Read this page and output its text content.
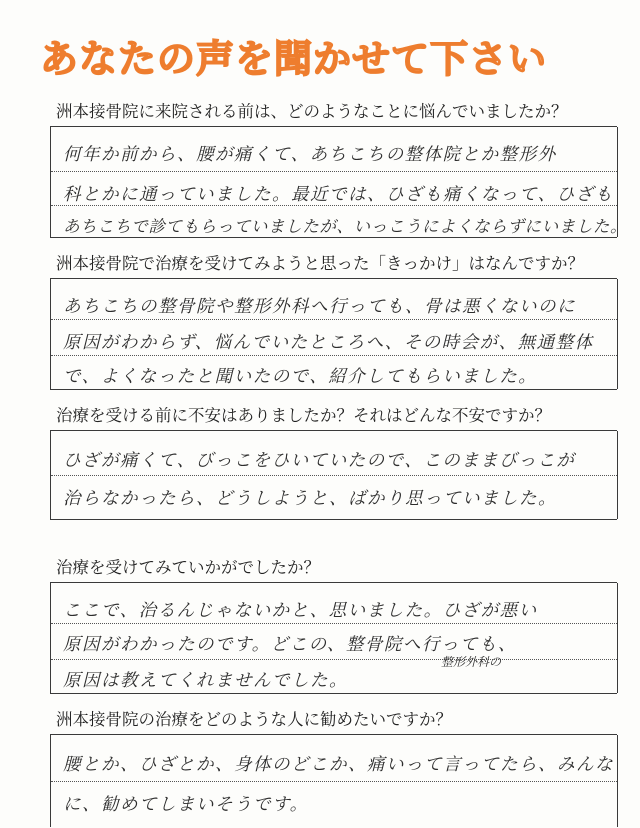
あなたの声を聞かせて下さい
洲本接骨院に来院される前は、どのようなことに悩んでいましたか？
何年か前から、腰が痛くて、あちこちの整体院とか整形外
科とかに通っていました。最近では、ひざも痛くなって、ひざも
あちこちで診てもらっていましたが、いっこうによくならずにいました。
洲本接骨院で治療を受けてみようと思った「きっかけ」はなんですか？
あちこちの整骨院や整形外科へ行っても、骨は悪くないのに
原因がわからず、悩んでいたところへ、その時会が、無通整体
で、よくなったと聞いたので、紹介してもらいました。
治療を受ける前に不安はありましたか？それはどんな不安ですか？
ひざが痛くて、びっこをひいていたので、このままびっこが
治らなかったら、どうしようと、ばかり思っていました。
治療を受けてみていかがでしたか？
ここで、治るんじゃないかと、思いました。ひざが悪い
原因がわかったのです。どこの、整骨院へ行っても、
原因は教えてくれませんでした。
整形外科の
洲本接骨院の治療をどのような人に勧めたいですか？
腰とか、ひざとか、身体のどこか、痛いって言ってたら、みんな
に、勧めてしまいそうです。
